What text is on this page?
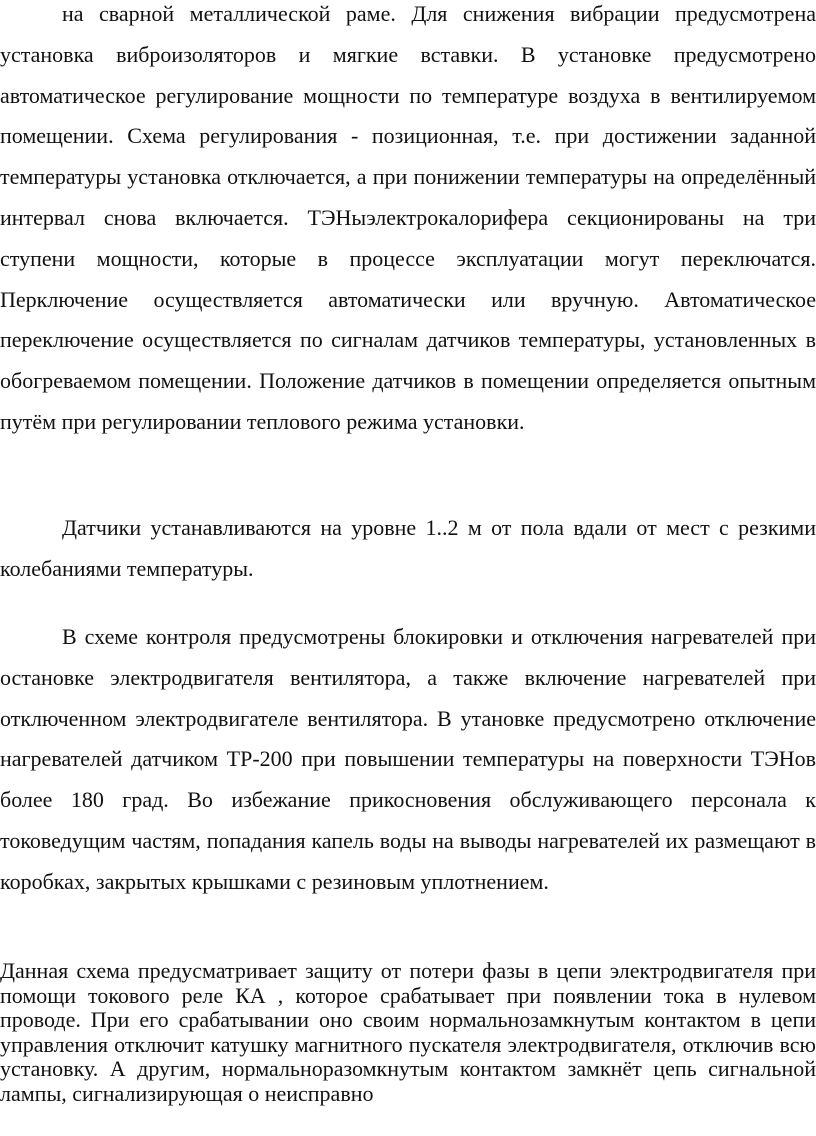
на сварной металлической раме. Для снижения вибрации предусмотрена установка виброизоляторов и мягкие вставки. В установке предусмотрено автоматическое регулирование мощности по температуре воздуха в вентилируемом помещении. Схема регулирования - позиционная, т.е. при достижении заданной температуры установка отключается, а при понижении температуры на определённый интервал снова включается. ТЭНыэлектрокалорифера секционированы на три ступени мощности, которые в процессе эксплуатации могут переключатся. Перключение осуществляется автоматически или вручную. Автоматическое переключение осуществляется по сигналам датчиков температуры, установленных в обогреваемом помещении. Положение датчиков в помещении определяется опытным путём при регулировании теплового режима установки.

Датчики устанавливаются на уровне 1..2 м от пола вдали от мест с резкими колебаниями температуры.

В схеме контроля предусмотрены блокировки и отключения нагревателей при остановке электродвигателя вентилятора, а также включение нагревателей при отключенном электродвигателе вентилятора. В утановке предусмотрено отключение нагревателей датчиком ТР-200 при повышении температуры на поверхности ТЭНов более 180 град. Во избежание прикосновения обслуживающего персонала к токоведущим частям, попадания капель воды на выводы нагревателей их размещают в коробках, закрытых крышками с резиновым уплотнением.

Данная схема предусматривает защиту от потери фазы в цепи электродвигателя при помощи токового реле КА , которое срабатывает при появлении тока в нулевом проводе. При его срабатывании оно своим нормальнозамкнутым контактом в цепи управления отключит катушку магнитного пускателя электродвигателя, отключив всю установку. А другим, нормальноразомкнутым контактом замкнёт цепь сигнальной лампы, сигнализирующая о неисправно
